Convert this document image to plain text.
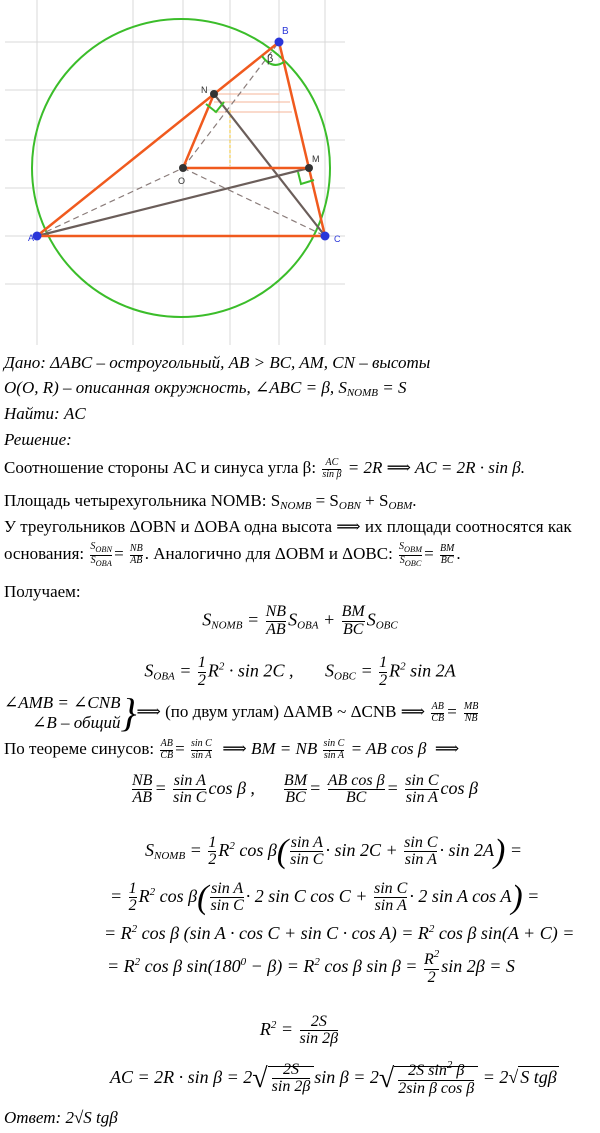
A
B
C
N
O
M
β
Дано: ΔABC – остроугольный, AB > BC, AM, CN – высоты
O(O, R) – описанная окружность, ∠ABC = β, $S_{NOMB} = S$
Найти: AC
Решение:
Соотношение стороны AC и синуса угла β: $\frac{AC}{\text{sin β}} = 2R$ ⟹ AC = 2R · sin β.
Площадь четырехугольника NOMB: $S_{NOMB} = S_{OBN} + S_{OBM}$.
У треугольников ΔOBN и ΔOBA одна высота ⟹ их площади соотносятся как
основания: $\frac{S_{OBN}}{S_{OBA}} = \frac{NB}{AB}$ . Аналогично для ΔOBM и ΔOBC: $\frac{S_{OBM}}{S_{OBC}} = \frac{BM}{BC}$ .
Получаем:
$S_{NOMB} = \frac{NB}{AB} S_{OBA} + \frac{BM}{BC} S_{OBC}$
$S_{OBA} = \frac{1}{2} R^2 \cdot \sin 2C$ ,       $S_{OBC} = \frac{1}{2} R^2$ sin 2A
∠AMB = ∠CNB
∠B – общий }⟹ (по двум углам) ΔAMB ~ ΔCNB ⟹ $\frac{AB}{CB} = \frac{MB}{NB}$
По теореме синусов: $\frac{AB}{CB} = \frac{\text{sin C}}{\text{sin A}}$ ⟹ BM = NB $\frac{\text{sin C}}{\text{sin A}}$ = AB cos β  ⟹
$\frac{NB}{AB} = \frac{\text{sin A}}{\text{sin C}}$ cos β , $\frac{BM}{BC} = \frac{\text{AB cos β}}{BC} = \frac{\text{sin C}}{\text{sin A}}$ cos β
$S_{NOMB} = \frac{1}{2} R^2$ $\cos \beta( \frac{\text{sin A}}{\text{sin C}} \cdot \sin 2C + \frac{\text{sin C}}{\text{sin A}} \cdot \sin 2A)$ =
= $\frac{1}{2} R^2$ $\cos \beta( \frac{\text{sin A}}{\text{sin C}} \cdot 2$ sin C $\cos C + \frac{\text{sin C}}{\text{sin A}} \cdot 2$ sin A cos A) =
= $R^2$ cos β (sin $A \cdot \cos C + \sin C \cdot \cos A) = R^2$ cos β sin(A + C) =
= $R^2$ cos β $\sin(180^0 - \beta) = R^2$ cos β $\sin \beta = \frac{R^2}{2}$ sin 2β = S
$R^2 = \frac{2S}{\sin 2\beta}$
AC = $2R \cdot \sin \beta = 2√ \frac{2S}{\sin 2\beta}$ $\sin \beta = 2√ \frac{2S \sin^2 \beta}{\text{2sin β cos β}} = 2√$ S tgβ
Ответ: 2√S tgβ
